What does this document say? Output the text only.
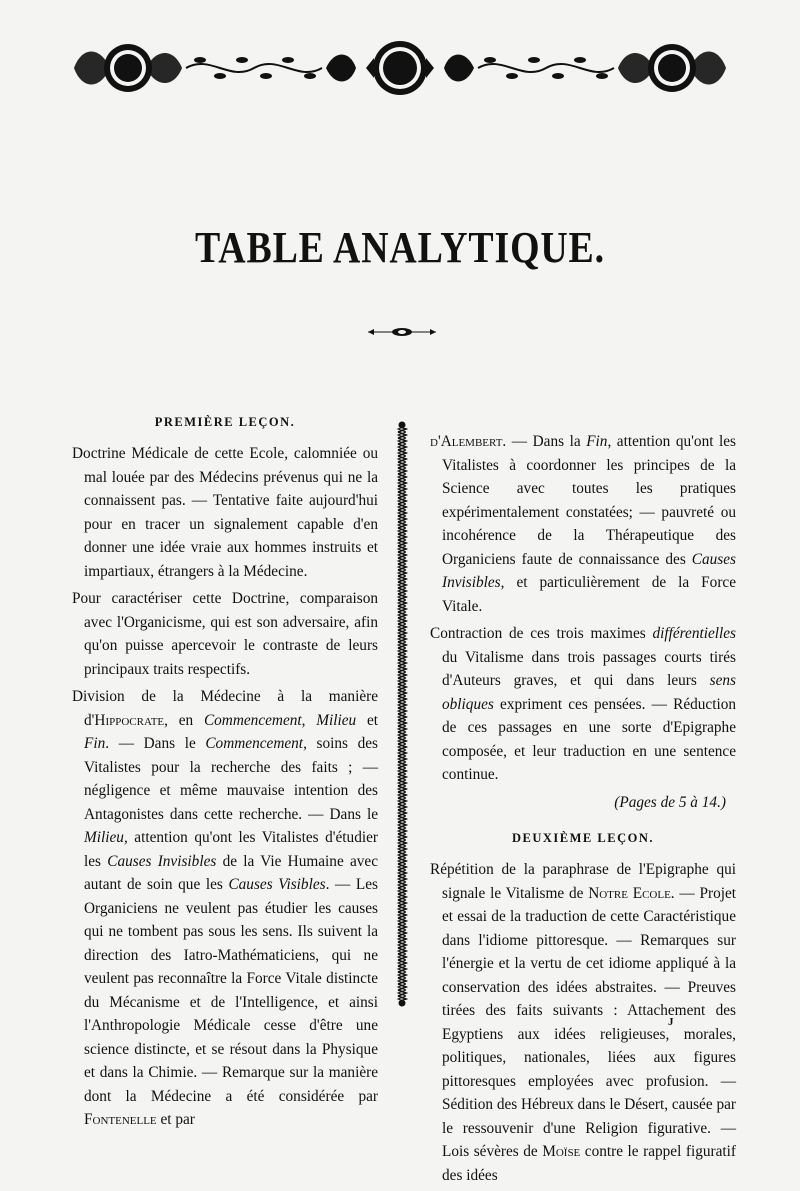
TABLE ANALYTIQUE.
PREMIÈRE LEÇON.

Doctrine Médicale de cette Ecole, calomniée ou mal louée par des Médecins prévenus qui ne la connaissent pas. — Tentative faite aujourd'hui pour en tracer un signalement capable d'en donner une idée vraie aux hommes instruits et impartiaux, étrangers à la Médecine.

Pour caractériser cette Doctrine, comparaison avec l'Organicisme, qui est son adversaire, afin qu'on puisse apercevoir le contraste de leurs principaux traits respectifs.

Division de la Médecine à la manière d'Hippocrate, en Commencement, Milieu et Fin. — Dans le Commencement, soins des Vitalistes pour la recherche des faits ; — négligence et même mauvaise intention des Antagonistes dans cette recherche. — Dans le Milieu, attention qu'ont les Vitalistes d'étudier les Causes Invisibles de la Vie Humaine avec autant de soin que les Causes Visibles. — Les Organiciens ne veulent pas étudier les causes qui ne tombent pas sous les sens. Ils suivent la direction des Iatro-Mathématiciens, qui ne veulent pas reconnaître la Force Vitale distincte du Mécanisme et de l'Intelligence, et ainsi l'Anthropologie Médicale cesse d'être une science distincte, et se résout dans la Physique et dans la Chimie. — Remarque sur la manière dont la Médecine a été considérée par Fontenelle et par

d'Alembert. — Dans la Fin, attention qu'ont les Vitalistes à coordonner les principes de la Science avec toutes les pratiques expérimentalement constatées; — pauvreté ou incohérence de la Thérapeutique des Organiciens faute de connaissance des Causes Invisibles, et particulièrement de la Force Vitale.

Contraction de ces trois maximes différentielles du Vitalisme dans trois passages courts tirés d'Auteurs graves, et qui dans leurs sens obliques expriment ces pensées. — Réduction de ces passages en une sorte d'Epigraphe composée, et leur traduction en une sentence continue.

(Pages de 5 à 14.)
DEUXIÈME LEÇON.

Répétition de la paraphrase de l'Epigraphe qui signale le Vitalisme de Notre Ecole. — Projet et essai de la traduction de cette Caractéristique dans l'idiome pittoresque. — Remarques sur l'énergie et la vertu de cet idiome appliqué à la conservation des idées abstraites. — Preuves tirées des faits suivants : Attachement des Egyptiens aux idées religieuses, morales, politiques, nationales, liées aux figures pittoresques employées avec profusion. — Sédition des Hébreux dans le Désert, causée par le ressouvenir d'une Religion figurative. — Lois sévères de Moïse contre le rappel figuratif des idées

J
